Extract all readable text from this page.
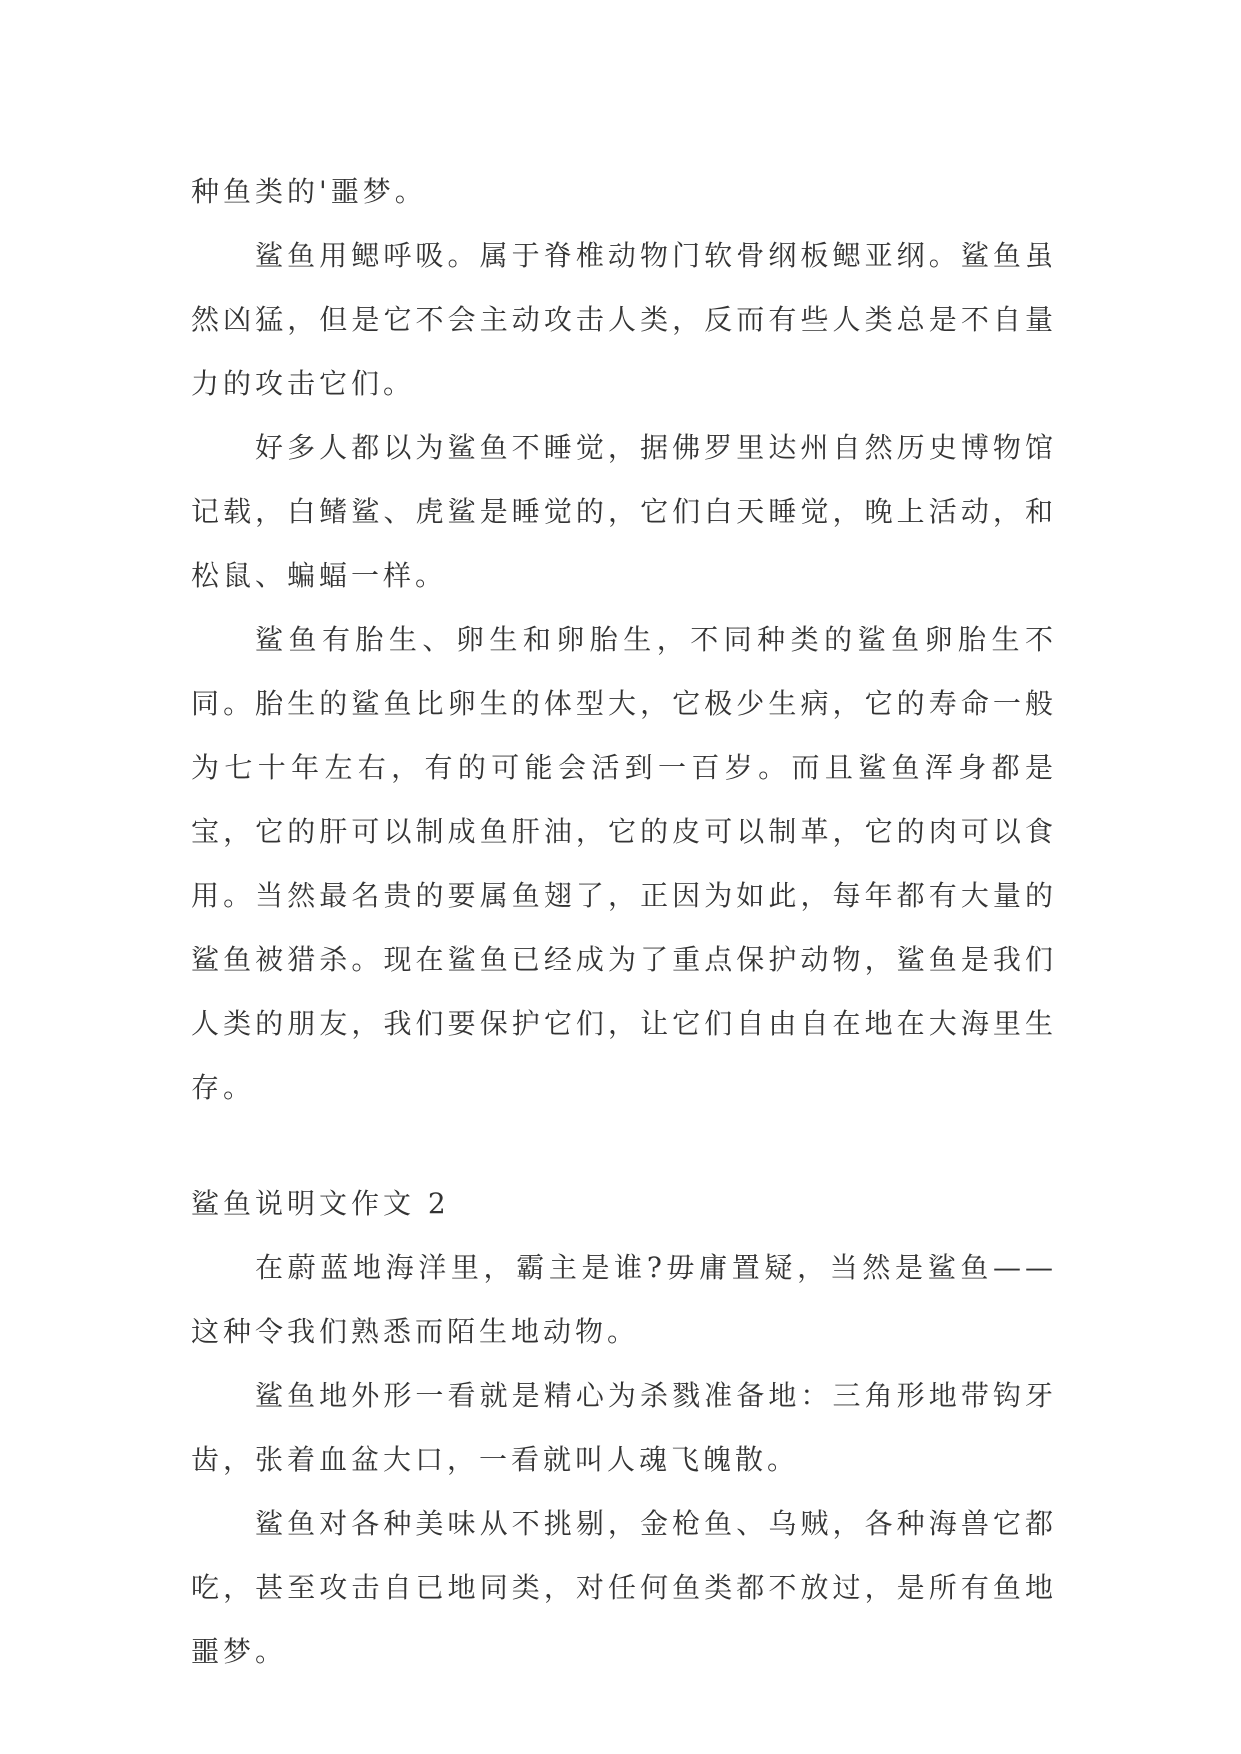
种鱼类的'噩梦。

鲨鱼用鳃呼吸。属于脊椎动物门软骨纲板鳃亚纲。鲨鱼虽然凶猛，但是它不会主动攻击人类，反而有些人类总是不自量力的攻击它们。

好多人都以为鲨鱼不睡觉，据佛罗里达州自然历史博物馆记载，白鳍鲨、虎鲨是睡觉的，它们白天睡觉，晚上活动，和松鼠、蝙蝠一样。

鲨鱼有胎生、卵生和卵胎生，不同种类的鲨鱼卵胎生不同。胎生的鲨鱼比卵生的体型大，它极少生病，它的寿命一般为七十年左右，有的可能会活到一百岁。而且鲨鱼浑身都是宝，它的肝可以制成鱼肝油，它的皮可以制革，它的肉可以食用。当然最名贵的要属鱼翅了，正因为如此，每年都有大量的鲨鱼被猎杀。现在鲨鱼已经成为了重点保护动物，鲨鱼是我们人类的朋友，我们要保护它们，让它们自由自在地在大海里生存。

鲨鱼说明文作文 2

在蔚蓝地海洋里，霸主是谁?毋庸置疑，当然是鲨鱼——这种令我们熟悉而陌生地动物。

鲨鱼地外形一看就是精心为杀戮准备地：三角形地带钩牙齿，张着血盆大口，一看就叫人魂飞魄散。

鲨鱼对各种美味从不挑剔，金枪鱼、乌贼，各种海兽它都吃，甚至攻击自已地同类，对任何鱼类都不放过，是所有鱼地噩梦。
